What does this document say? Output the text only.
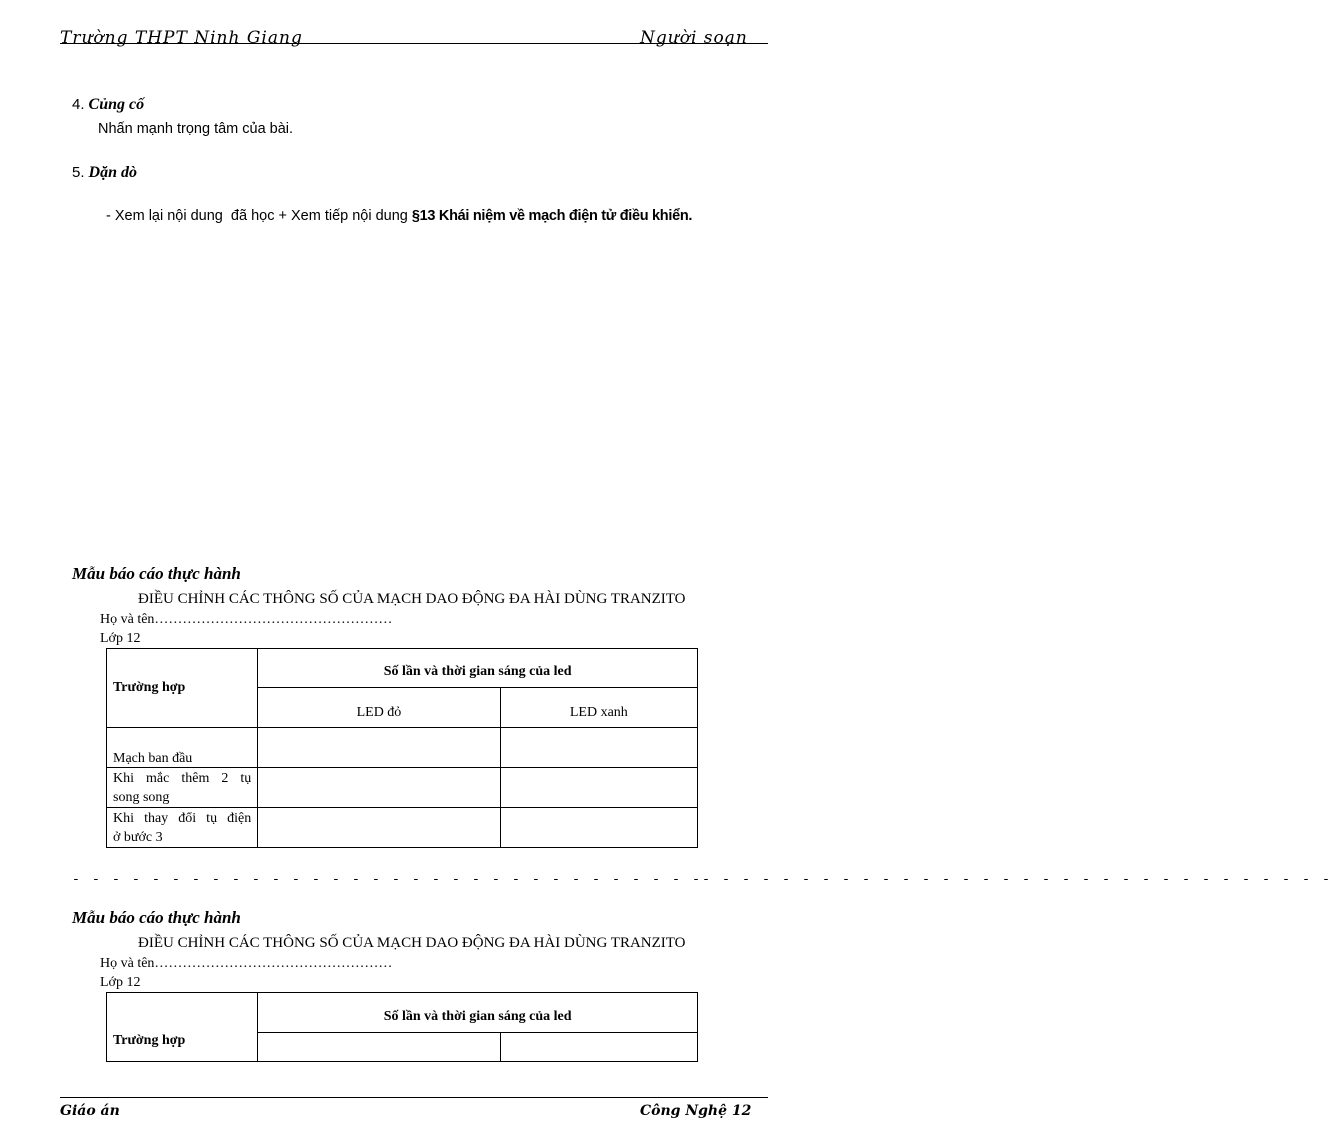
Trường THPT Ninh Giang	Người soạn
4. Củng cố
Nhấn mạnh trọng tâm của bài.
5. Dặn dò

- Xem lại nội dung  đã học + Xem tiếp nội dung §13 Khái niệm về mạch điện tử điều khiển.

Mẫu báo cáo thực hành
ĐIỀU CHỈNH CÁC THÔNG SỐ CỦA MẠCH DAO ĐỘNG ĐA HÀI DÙNG TRANZITO
Họ và tên……………………………………………
Lớp 12
Trường hợp	Số lần và thời gian sáng của led	
	LED đỏ	LED xanh
Mạch ban đầu		

Khi mắc thêm 2 tụ
song song		

Khi thay đổi tụ điện
ở bước 3		

- - - - - - - - - - - - - - - - - - - - - - - - - - - - - - - -- - - - - - - - - - - - - - - - - - - - - - - - - - - - - - - -
Mẫu báo cáo thực hành
ĐIỀU CHỈNH CÁC THÔNG SỐ CỦA MẠCH DAO ĐỘNG ĐA HÀI DÙNG TRANZITO
Họ và tên……………………………………………
Lớp 12
Trường hợp	Số lần và thời gian sáng của led	

Giáo án	Công Nghệ 12
